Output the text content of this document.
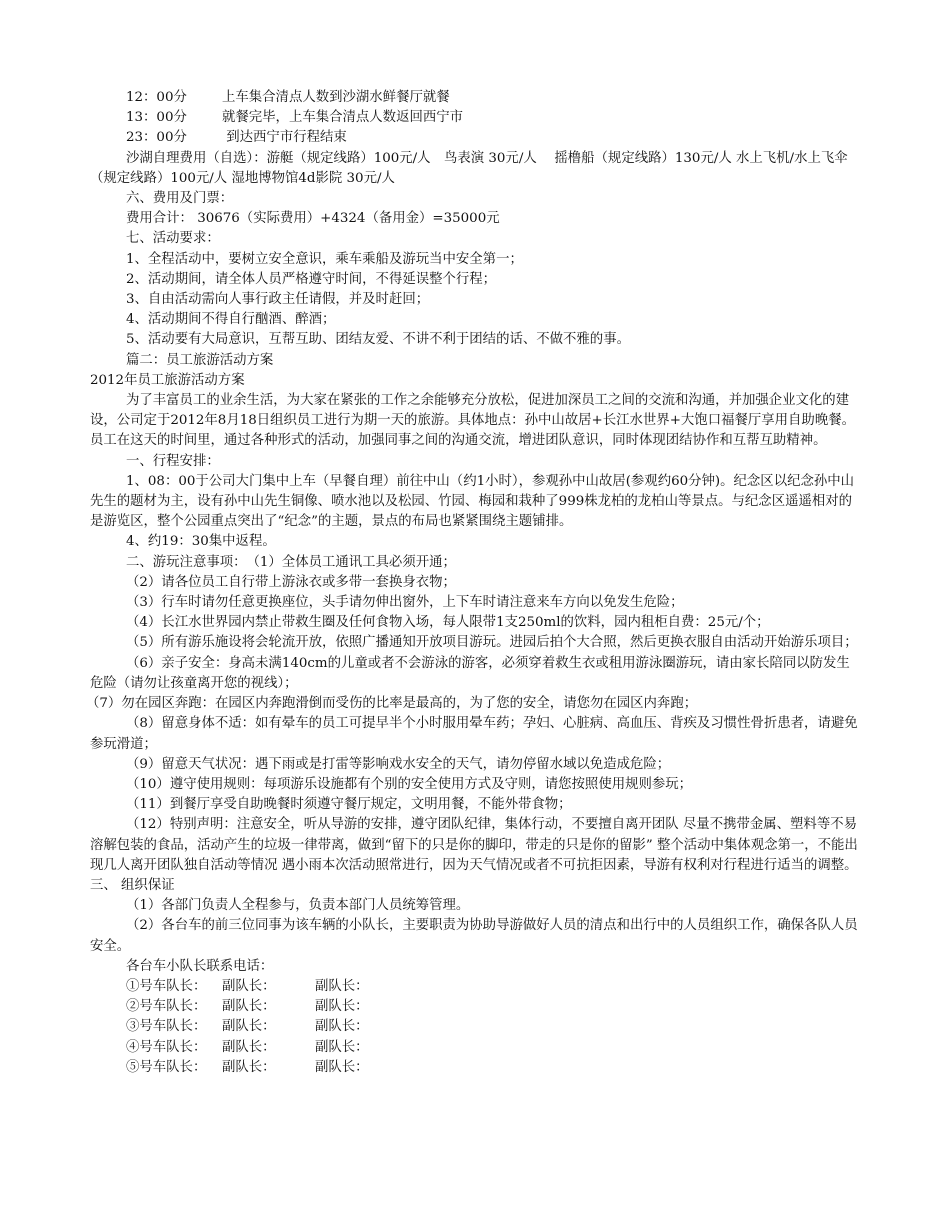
12：00分	上车集合清点人数到沙湖水鲜餐厅就餐
13：00分	就餐完毕，上车集合清点人数返回西宁市
23：00分	到达西宁市行程结束

沙湖自理费用（自选）：游艇（规定线路）100元/人　鸟表演 30元/人　 摇橹船（规定线路）130元/人 水上飞机/水上飞伞（规定线路）100元/人 湿地博物馆4d影院 30元/人

六、费用及门票：

费用合计： 30676（实际费用）+4324（备用金）=35000元

七、活动要求：

1、全程活动中，要树立安全意识，乘车乘船及游玩当中安全第一；

2、活动期间，请全体人员严格遵守时间，不得延误整个行程；

3、自由活动需向人事行政主任请假，并及时赶回；

4、活动期间不得自行酗酒、醉酒；

5、活动要有大局意识，互帮互助、团结友爱、不讲不利于团结的话、不做不雅的事。

篇二：员工旅游活动方案

2012年员工旅游活动方案

为了丰富员工的业余生活，为大家在紧张的工作之余能够充分放松，促进加深员工之间的交流和沟通，并加强企业文化的建设，公司定于2012年8月18日组织员工进行为期一天的旅游。具体地点：孙中山故居+长江水世界+大饱口福餐厅享用自助晚餐。员工在这天的时间里，通过各种形式的活动，加强同事之间的沟通交流，增进团队意识，同时体现团结协作和互帮互助精神。

一、行程安排：

1、08：00于公司大门集中上车（早餐自理）前往中山（约1小时），参观孙中山故居(参观约60分钟)。纪念区以纪念孙中山先生的题材为主，设有孙中山先生铜像、喷水池以及松园、竹园、梅园和栽种了999株龙柏的龙柏山等景点。与纪念区遥遥相对的是游览区，整个公园重点突出了“纪念”的主题，景点的布局也紧紧围绕主题铺排。

4、约19：30集中返程。

二、游玩注意事项：　（1）全体员工通讯工具必须开通；

（2）请各位员工自行带上游泳衣或多带一套换身衣物；

（3）行车时请勿任意更换座位，头手请勿伸出窗外，上下车时请注意来车方向以免发生危险；

（4）长江水世界园内禁止带救生圈及任何食物入场，每人限带1支250ml的饮料，园内租柜自费：25元/个；

（5）所有游乐施设将会轮流开放，依照广播通知开放项目游玩。进园后拍个大合照，然后更换衣服自由活动开始游乐项目；

（6）亲子安全：身高未满140cm的儿童或者不会游泳的游客，必须穿着救生衣或租用游泳圈游玩，请由家长陪同以防发生危险（请勿让孩童离开您的视线）；

（7）勿在园区奔跑：在园区内奔跑滑倒而受伤的比率是最高的，为了您的安全，请您勿在园区内奔跑；

（8）留意身体不适：如有晕车的员工可提早半个小时服用晕车药；孕妇、心脏病、高血压、背疾及习惯性骨折患者，请避免参玩滑道；

（9）留意天气状况：遇下雨或是打雷等影响戏水安全的天气，请勿停留水域以免造成危险；

（10）遵守使用规则：每项游乐设施都有个别的安全使用方式及守则，请您按照使用规则参玩；

（11）到餐厅享受自助晚餐时须遵守餐厅规定，文明用餐，不能外带食物；

（12）特别声明：注意安全，听从导游的安排，遵守团队纪律，集体行动，不要擅自离开团队 尽量不携带金属、塑料等不易溶解包装的食品，活动产生的垃圾一律带离，做到“留下的只是你的脚印，带走的只是你的留影” 整个活动中集体观念第一，不能出现几人离开团队独自活动等情况 遇小雨本次活动照常进行，因为天气情况或者不可抗拒因素，导游有权利对行程进行适当的调整。 三、 组织保证

（1）各部门负责人全程参与，负责本部门人员统筹管理。

（2）各台车的前三位同事为该车辆的小队长，主要职责为协助导游做好人员的清点和出行中的人员组织工作，确保各队人员安全。

各台车小队长联系电话：

①号车队长：	副队长：	副队长：
②号车队长：	副队长：	副队长：
③号车队长：	副队长：	副队长：
④号车队长：	副队长：	副队长：
⑤号车队长：	副队长：	副队长：
